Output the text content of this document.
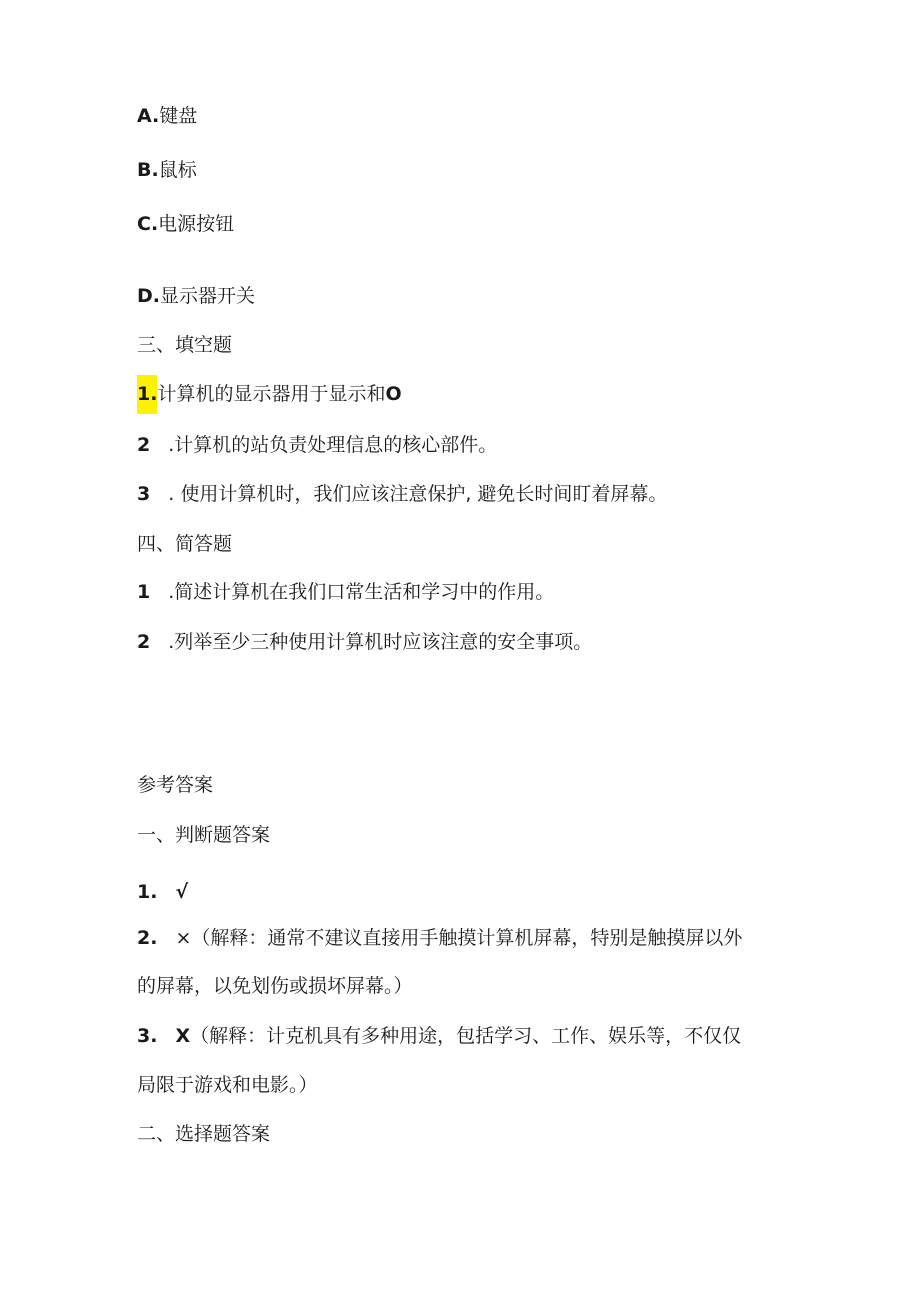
A.键盘
B.鼠标
C.电源按钮
D.显示器开关
三、填空题
1.计算机的显示器用于显示和O
2 .计算机的站负责处理信息的核心部件。
3 . 使用计算机时，我们应该注意保护, 避免长时间盯着屏幕。
四、简答题
1 .简述计算机在我们口常生活和学习中的作用。
2 .列举至少三种使用计算机时应该注意的安全事项。
参考答案
一、判断题答案
1. √
2. ×（解释：通常不建议直接用手触摸计算机屏幕，特别是触摸屏以外
的屏幕，以免划伤或损坏屏幕。）
3. X（解释：计克机具有多种用途，包括学习、工作、娱乐等，不仅仅
局限于游戏和电影。）
二、选择题答案
